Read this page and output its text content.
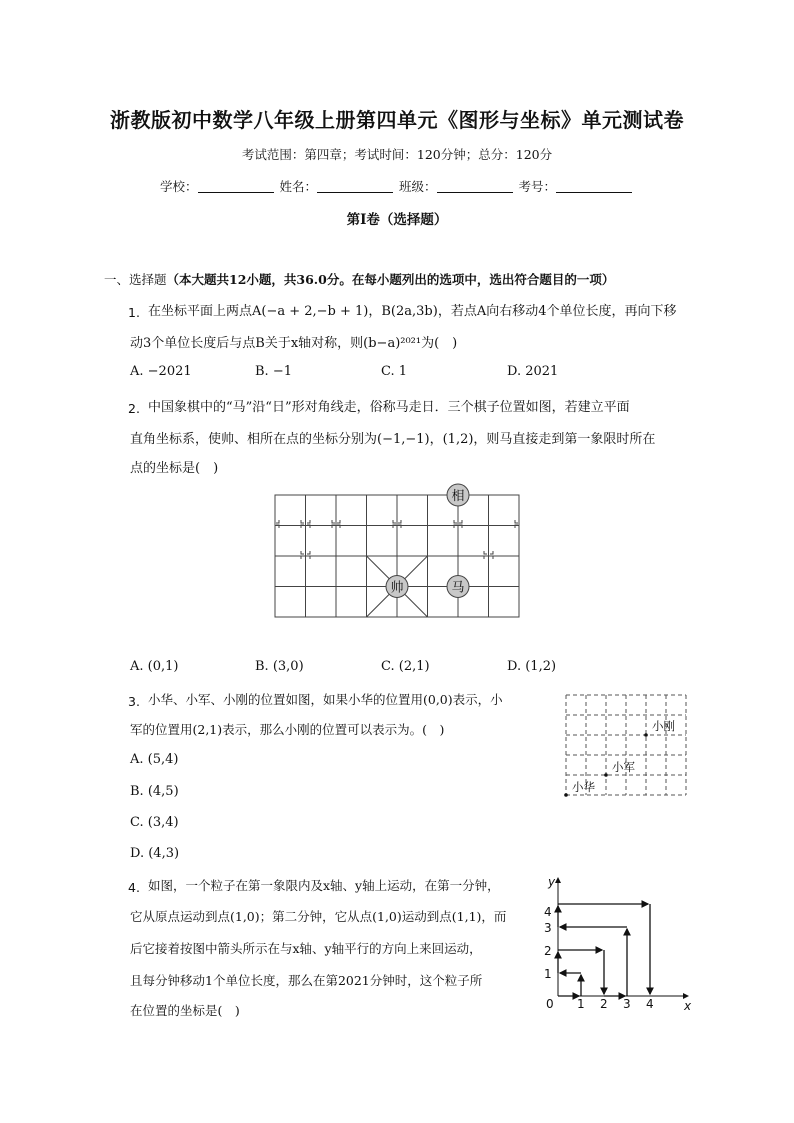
浙教版初中数学八年级上册第四单元《图形与坐标》单元测试卷
考试范围：第四章；考试时间：120分钟；总分：120分
学校：	姓名：	班级：	考号：
第I卷（选择题）
一、选择题（本大题共12小题，共36.0分。在每小题列出的选项中，选出符合题目的一项）
1. 在坐标平面上两点A(−a + 2,−b + 1)，B(2a,3b)，若点A向右移动4个单位长度，再向下移
动3个单位长度后与点B关于x轴对称，则(b−a)²⁰²¹为(　)
A. −2021	B. −1	C. 1	D. 2021
2. 中国象棋中的“马”沿“日”形对角线走，俗称马走日．三个棋子位置如图，若建立平面
直角坐标系，使帅、相所在点的坐标分别为(−1,−1)，(1,2)，则马直接走到第一象限时所在
点的坐标是(　)
相
帅	马
A. (0,1)	B. (3,0)	C. (2,1)	D. (1,2)
3. 小华、小军、小刚的位置如图，如果小华的位置用(0,0)表示，小
军的位置用(2,1)表示，那么小刚的位置可以表示为。(　)
A. (5,4)
B. (4,5)
C. (3,4)
D. (4,3)
小刚
小军
小华
4. 如图，一个粒子在第一象限内及x轴、y轴上运动，在第一分钟，
它从原点运动到点(1,0)；第二分钟，它从点(1,0)运动到点(1,1)，而
后它接着按图中箭头所示在与x轴、y轴平行的方向上来回运动，
且每分钟移动1个单位长度，那么在第2021分钟时，这个粒子所
在位置的坐标是(　)	x
y
0 1 2 3 4
1
2
3
4
